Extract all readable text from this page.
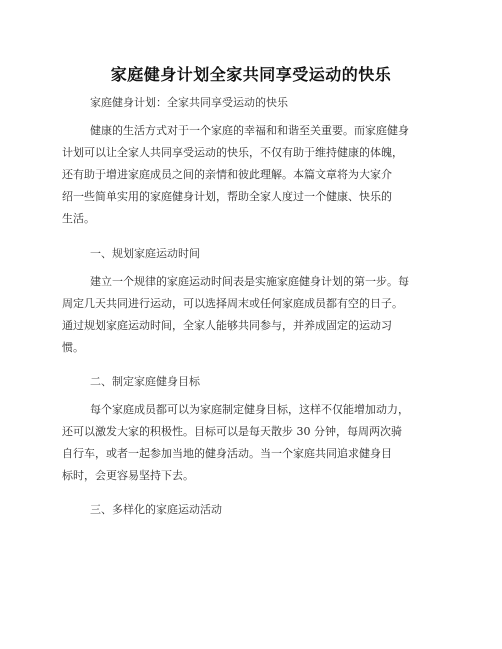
家庭健身计划全家共同享受运动的快乐
家庭健身计划：全家共同享受运动的快乐
健康的生活方式对于一个家庭的幸福和和谐至关重要。而家庭健身
计划可以让全家人共同享受运动的快乐，不仅有助于维持健康的体魄，
还有助于增进家庭成员之间的亲情和彼此理解。本篇文章将为大家介
绍一些简单实用的家庭健身计划，帮助全家人度过一个健康、快乐的
生活。
一、规划家庭运动时间
建立一个规律的家庭运动时间表是实施家庭健身计划的第一步。每
周定几天共同进行运动，可以选择周末或任何家庭成员都有空的日子。
通过规划家庭运动时间，全家人能够共同参与，并养成固定的运动习
惯。
二、制定家庭健身目标
每个家庭成员都可以为家庭制定健身目标，这样不仅能增加动力，
还可以激发大家的积极性。目标可以是每天散步 30 分钟，每周两次骑
自行车，或者一起参加当地的健身活动。当一个家庭共同追求健身目
标时，会更容易坚持下去。
三、多样化的家庭运动活动
